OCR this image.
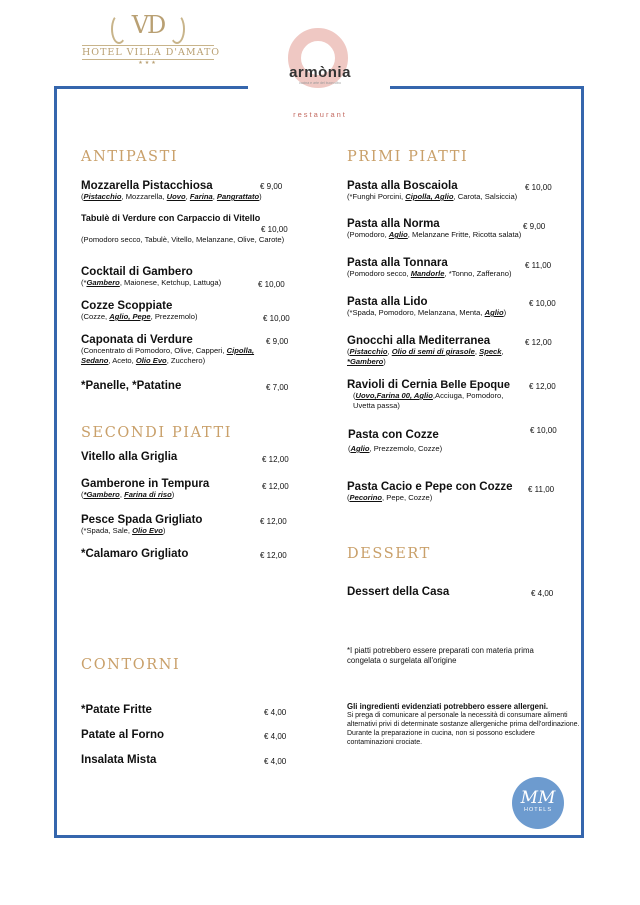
VD
HOTEL VILLA D'AMATO
★★★
armònia
cucina e arte del buon cibo
restaurant
ANTIPASTI	PRIMI PIATTI
SECONDI PIATTI
DESSERT
CONTORNI
Mozzarella Pistacchiosa
(Pistacchio, Mozzarella, Uovo, Farina, Pangrattato)
€ 9,00
Tabulè di Verdure con Carpaccio di Vitello
(Pomodoro secco, Tabulè, Vitello, Melanzane, Olive, Carote)
€ 10,00
Cocktail di Gambero
(*Gambero, Maionese, Ketchup, Lattuga)	€ 10,00
Cozze Scoppiate
(Cozze, Aglio, Pepe, Prezzemolo)	€ 10,00
Caponata di Verdure
(Concentrato di Pomodoro, Olive, Capperi, Cipolla, Sedano, Aceto, Olio Evo, Zucchero)
€ 9,00
*Panelle, *Patatine	€ 7,00
Vitello alla Griglia	€ 12,00
Gamberone in Tempura
(*Gambero, Farina di riso)
€ 12,00
Pesce Spada Grigliato
(*Spada, Sale, Olio Evo)
€ 12,00
*Calamaro Grigliato	€ 12,00
*Patate Fritte	€ 4,00
Patate al Forno	€ 4,00
Insalata Mista	€ 4,00
Pasta alla Boscaiola
(*Funghi Porcini, Cipolla, Aglio, Carota, Salsiccia)
€ 10,00
Pasta alla Norma
(Pomodoro, Aglio, Melanzane Fritte, Ricotta salata)
€ 9,00
Pasta alla Tonnara
(Pomodoro secco, Mandorle, *Tonno, Zafferano)
€ 11,00
Pasta alla Lido
(*Spada, Pomodoro, Melanzana, Menta, Aglio)
€ 10,00
Gnocchi alla Mediterranea
(Pistacchio, Olio di semi di girasole, Speck, *Gambero)
€ 12,00
Ravioli di Cernia Belle Epoque
(Uovo,Farina 00, Aglio,Acciuga, Pomodoro, Uvetta passa)
€ 12,00
Pasta con Cozze
(Aglio, Prezzemolo, Cozze)
€ 10,00
Pasta Cacio e Pepe con Cozze
(Pecorino, Pepe, Cozze)
€ 11,00
Dessert della Casa	€ 4,00
*I piatti potrebbero essere preparati con materia prima congelata o surgelata all'origine
Gli ingredienti evidenziati potrebbero essere allergeni.
Si prega di comunicare al personale la necessità di consumare alimenti alternativi privi di determinate sostanze allergeniche prima dell'ordinazione. Durante la preparazione in cucina, non si possono escludere contaminazioni crociate.
MM
HOTELS
